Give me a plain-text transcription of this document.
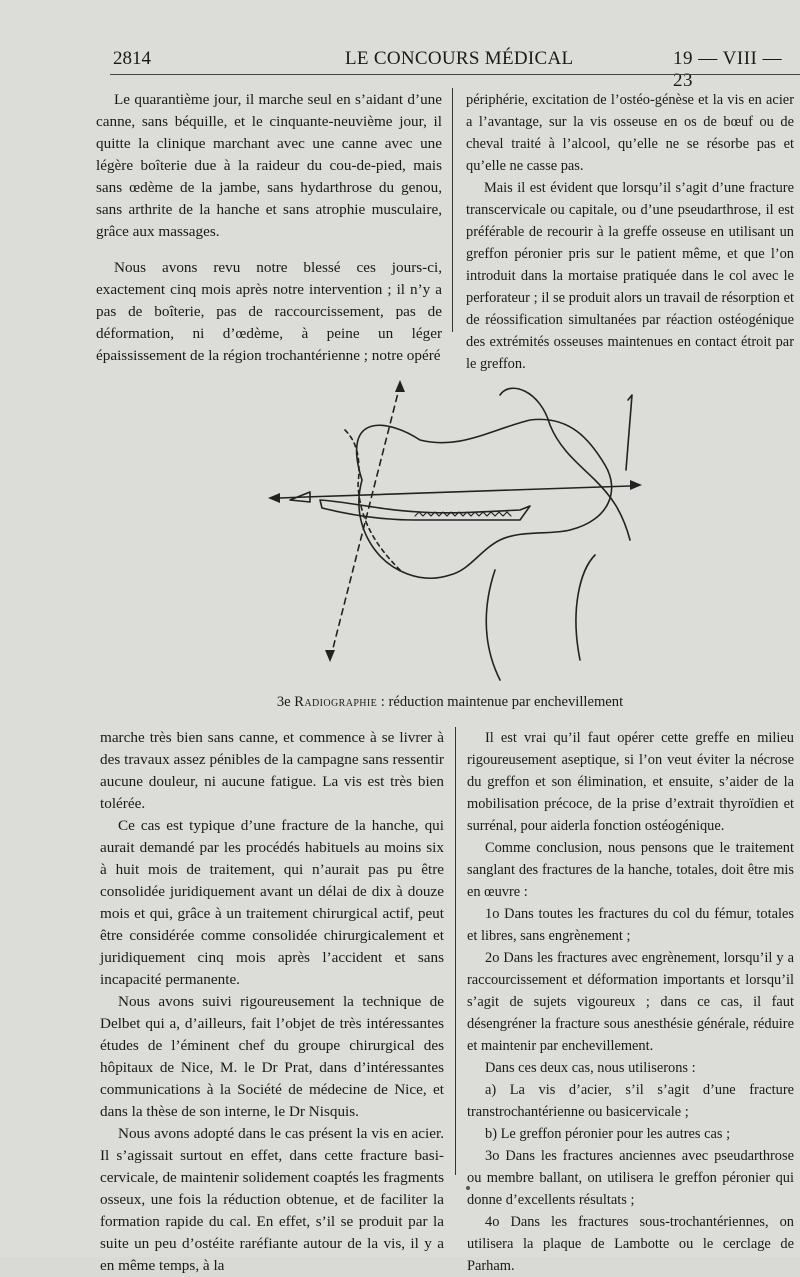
2814	LE CONCOURS MÉDICAL	19 — VIII — 23

Le quarantième jour, il marche seul en s’aidant d’une canne, sans béquille, et le cinquante-neuvième jour, il quitte la clinique marchant avec une canne avec une légère boîterie due à la raideur du cou-de-pied, mais sans œdème de la jambe, sans hydarthrose du genou, sans arthrite de la hanche et sans atrophie musculaire, grâce aux massages.

Nous avons revu notre blessé ces jours-ci, exactement cinq mois après notre intervention ; il n’y a pas de boîterie, pas de raccourcissement, pas de déformation, ni d’œdème, à peine un léger épaississement de la région trochantérienne ; notre opéré

périphérie, excitation de l’ostéo-génèse et la vis en acier a l’avantage, sur la vis osseuse en os de bœuf ou de cheval traité à l’alcool, qu’elle ne se résorbe pas et qu’elle ne casse pas.

Mais il est évident que lorsqu’il s’agit d’une fracture transcervicale ou capitale, ou d’une pseudarthrose, il est préférable de recourir à la greffe osseuse en utilisant un greffon péronier pris sur le patient même, et que l’on introduit dans la mortaise pratiquée dans le col avec le perforateur ; il se produit alors un travail de résorption et de réossification simultanées par réaction ostéogénique des extrémités osseuses maintenues en contact étroit par le greffon.

3e Radiographie : réduction maintenue par enchevillement

marche très bien sans canne, et commence à se livrer à des travaux assez pénibles de la campagne sans ressentir aucune douleur, ni aucune fatigue. La vis est très bien tolérée.

Ce cas est typique d’une fracture de la hanche, qui aurait demandé par les procédés habituels au moins six à huit mois de traitement, qui n’aurait pas pu être consolidée juridiquement avant un délai de dix à douze mois et qui, grâce à un traitement chirurgical actif, peut être considérée comme consolidée chirurgicalement et juridiquement cinq mois après l’accident et sans incapacité permanente.

Nous avons suivi rigoureusement la technique de Delbet qui a, d’ailleurs, fait l’objet de très intéressantes études de l’éminent chef du groupe chirurgical des hôpitaux de Nice, M. le Dr Prat, dans d’intéressantes communications à la Société de médecine de Nice, et dans la thèse de son interne, le Dr Nisquis.

Nous avons adopté dans le cas présent la vis en acier. Il s’agissait surtout en effet, dans cette fracture basi-cervicale, de maintenir solidement coaptés les fragments osseux, une fois la réduction obtenue, et de faciliter la formation rapide du cal. En effet, s’il se produit par la suite un peu d’ostéite raréfiante autour de la vis, il y a en même temps, à la

Il est vrai qu’il faut opérer cette greffe en milieu rigoureusement aseptique, si l’on veut éviter la nécrose du greffon et son élimination, et ensuite, s’aider de la mobilisation précoce, de la prise d’extrait thyroïdien et surrénal, pour aiderla fonction ostéogénique.

Comme conclusion, nous pensons que le traitement sanglant des fractures de la hanche, totales, doit être mis en œuvre :

1o Dans toutes les fractures du col du fémur, totales et libres, sans engrènement ;

2o Dans les fractures avec engrènement, lorsqu’il y a raccourcissement et déformation importants et lorsqu’il s’agit de sujets vigoureux ; dans ce cas, il faut désengréner la fracture sous anesthésie générale, réduire et maintenir par enchevillement.

Dans ces deux cas, nous utiliserons :

a) La vis d’acier, s’il s’agit d’une fracture transtrochantérienne ou basicervicale ;

b) Le greffon péronier pour les autres cas ;

3o Dans les fractures anciennes avec pseudarthrose ou membre ballant, on utilisera le greffon péronier qui donne d’excellents résultats ;

4o Dans les fractures sous-trochantériennes, on utilisera la plaque de Lambotte ou le cerclage de Parham.
